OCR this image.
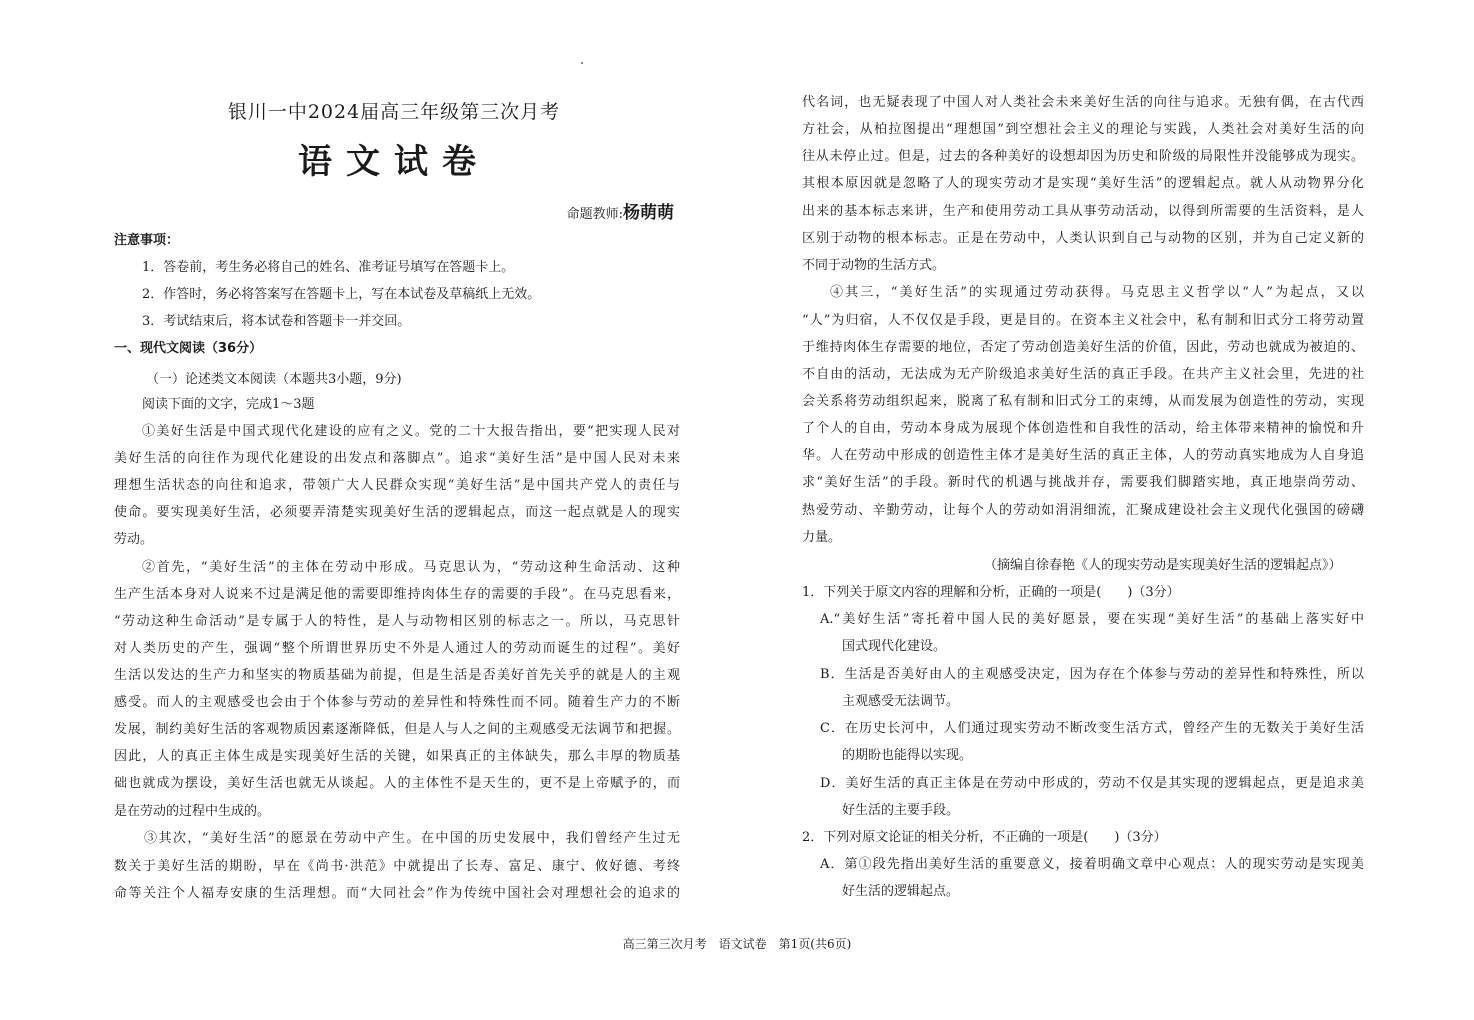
银川一中2024届高三年级第三次月考
语文试卷
命题教师:杨萌萌
注意事项：
1．答卷前，考生务必将自己的姓名、准考证号填写在答题卡上。
2．作答时，务必将答案写在答题卡上，写在本试卷及草稿纸上无效。
3．考试结束后，将本试卷和答题卡一并交回。
一、现代文阅读（36分）
（一）论述类文本阅读（本题共3小题，9分)
阅读下面的文字，完成1～3题
①美好生活是中国式现代化建设的应有之义。党的二十大报告指出，要“把实现人民对
美好生活的向往作为现代化建设的出发点和落脚点”。追求“美好生活”是中国人民对未来
理想生活状态的向往和追求，带领广大人民群众实现“美好生活”是中国共产党人的责任与
使命。要实现美好生活，必须要弄清楚实现美好生活的逻辑起点，而这一起点就是人的现实
劳动。
②首先，“美好生活”的主体在劳动中形成。马克思认为，“劳动这种生命活动、这种
生产生活本身对人说来不过是满足他的需要即维持肉体生存的需要的手段”。在马克思看来，
“劳动这种生命活动”是专属于人的特性，是人与动物相区别的标志之一。所以，马克思针
对人类历史的产生，强调“整个所谓世界历史不外是人通过人的劳动而诞生的过程”。美好
生活以发达的生产力和坚实的物质基础为前提，但是生活是否美好首先关乎的就是人的主观
感受。而人的主观感受也会由于个体参与劳动的差异性和特殊性而不同。随着生产力的不断
发展，制约美好生活的客观物质因素逐渐降低，但是人与人之间的主观感受无法调节和把握。
因此，人的真正主体生成是实现美好生活的关键，如果真正的主体缺失，那么丰厚的物质基
础也就成为摆设，美好生活也就无从谈起。人的主体性不是天生的，更不是上帝赋予的，而
是在劳动的过程中生成的。
③其次，“美好生活”的愿景在劳动中产生。在中国的历史发展中，我们曾经产生过无
数关于美好生活的期盼，早在《尚书·洪范》中就提出了长寿、富足、康宁、攸好德、考终
命等关注个人福寿安康的生活理想。而“大同社会”作为传统中国社会对理想社会的追求的
代名词，也无疑表现了中国人对人类社会未来美好生活的向往与追求。无独有偶，在古代西
方社会，从柏拉图提出“理想国”到空想社会主义的理论与实践，人类社会对美好生活的向
往从未停止过。但是，过去的各种美好的设想却因为历史和阶级的局限性并没能够成为现实。
其根本原因就是忽略了人的现实劳动才是实现“美好生活”的逻辑起点。就人从动物界分化
出来的基本标志来讲，生产和使用劳动工具从事劳动活动，以得到所需要的生活资料，是人
区别于动物的根本标志。正是在劳动中，人类认识到自己与动物的区别，并为自己定义新的
不同于动物的生活方式。
④其三，“美好生活”的实现通过劳动获得。马克思主义哲学以“人”为起点，又以
“人”为归宿，人不仅仅是手段，更是目的。在资本主义社会中，私有制和旧式分工将劳动置
于维持肉体生存需要的地位，否定了劳动创造美好生活的价值，因此，劳动也就成为被迫的、
不自由的活动，无法成为无产阶级追求美好生活的真正手段。在共产主义社会里，先进的社
会关系将劳动组织起来，脱离了私有制和旧式分工的束缚，从而发展为创造性的劳动，实现
了个人的自由，劳动本身成为展现个体创造性和自我性的活动，给主体带来精神的愉悦和升
华。人在劳动中形成的创造性主体才是美好生活的真正主体，人的劳动真实地成为人自身追
求“美好生活”的手段。新时代的机遇与挑战并存，需要我们脚踏实地，真正地崇尚劳动、
热爱劳动、辛勤劳动，让每个人的劳动如涓涓细流，汇聚成建设社会主义现代化强国的磅礴
力量。
（摘编自徐春艳《人的现实劳动是实现美好生活的逻辑起点》）
1．下列关于原文内容的理解和分析，正确的一项是(　　)（3分）
A.“美好生活”寄托着中国人民的美好愿景，要在实现“美好生活”的基础上落实好中
国式现代化建设。
B．生活是否美好由人的主观感受决定，因为存在个体参与劳动的差异性和特殊性，所以
主观感受无法调节。
C．在历史长河中，人们通过现实劳动不断改变生活方式，曾经产生的无数关于美好生活
的期盼也能得以实现。
D．美好生活的真正主体是在劳动中形成的，劳动不仅是其实现的逻辑起点，更是追求美
好生活的主要手段。
2．下列对原文论证的相关分析，不正确的一项是(　　)（3分）
A．第①段先指出美好生活的重要意义，接着明确文章中心观点：人的现实劳动是实现美
好生活的逻辑起点。
高三第三次月考　语文试卷　第1页(共6页)
